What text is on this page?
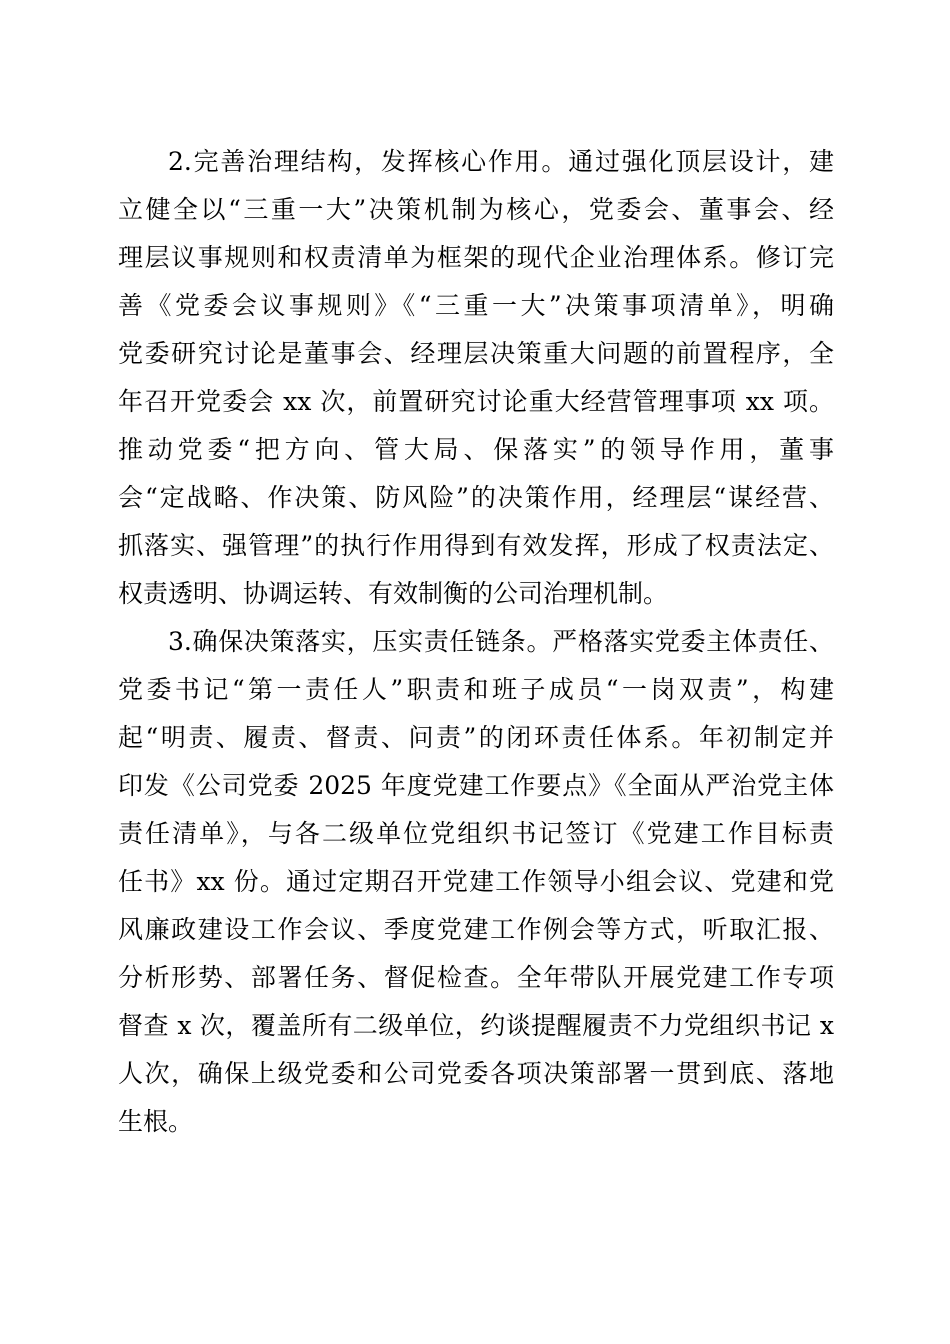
2.完善治理结构，发挥核心作用。通过强化顶层设计，建
立健全以“三重一大”决策机制为核心，党委会、董事会、经
理层议事规则和权责清单为框架的现代企业治理体系。修订完
善《党委会议事规则》《“三重一大”决策事项清单》，明确
党委研究讨论是董事会、经理层决策重大问题的前置程序，全
年召开党委会 xx 次，前置研究讨论重大经营管理事项 xx 项。
推动党委“把方向、管大局、保落实”的领导作用，董事
会“定战略、作决策、防风险”的决策作用，经理层“谋经营、
抓落实、强管理”的执行作用得到有效发挥，形成了权责法定、
权责透明、协调运转、有效制衡的公司治理机制。
3.确保决策落实，压实责任链条。严格落实党委主体责任、
党委书记“第一责任人”职责和班子成员“一岗双责”，构建
起“明责、履责、督责、问责”的闭环责任体系。年初制定并
印发《公司党委 2025 年度党建工作要点》《全面从严治党主体
责任清单》，与各二级单位党组织书记签订《党建工作目标责
任书》xx 份。通过定期召开党建工作领导小组会议、党建和党
风廉政建设工作会议、季度党建工作例会等方式，听取汇报、
分析形势、部署任务、督促检查。全年带队开展党建工作专项
督查 x 次，覆盖所有二级单位，约谈提醒履责不力党组织书记 x
人次，确保上级党委和公司党委各项决策部署一贯到底、落地
生根。
